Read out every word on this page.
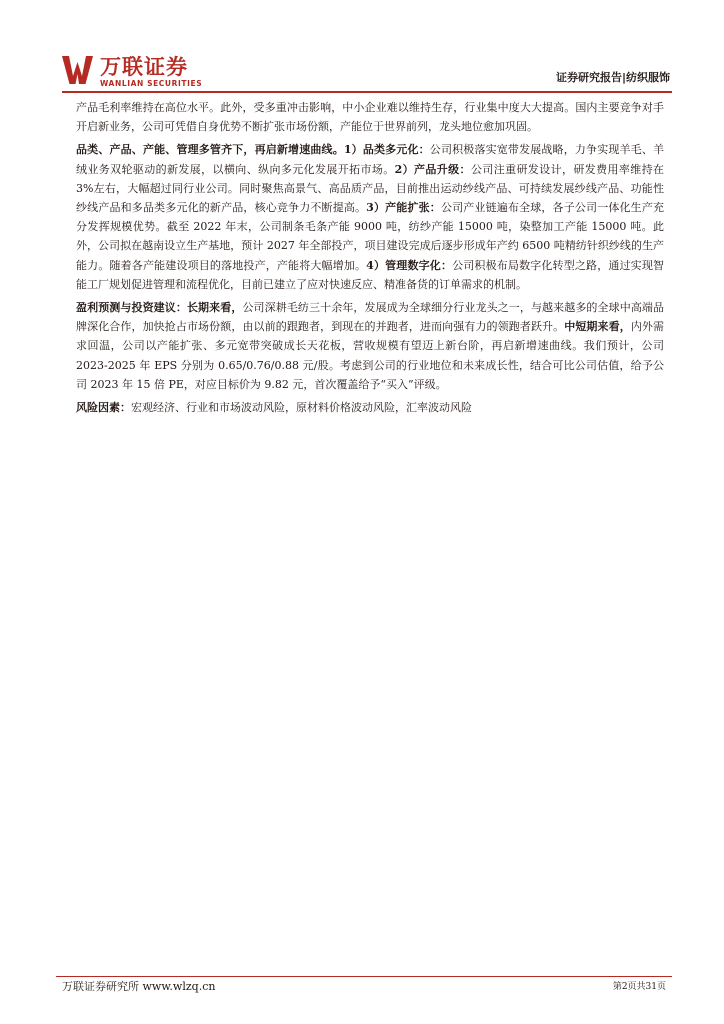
万联证券
WANLIAN SECURITIES	证券研究报告|纺织服饰

产品毛利率维持在高位水平。此外，受多重冲击影响，中小企业难以维持生存，行业集中度大大提高。国内主要竞争对手开启新业务，公司可凭借自身优势不断扩张市场份额，产能位于世界前列，龙头地位愈加巩固。

品类、产品、产能、管理多管齐下，再启新增速曲线。1）品类多元化：公司积极落实宽带发展战略，力争实现羊毛、羊绒业务双轮驱动的新发展，以横向、纵向多元化发展开拓市场。2）产品升级：公司注重研发设计，研发费用率维持在 3%左右，大幅超过同行业公司。同时聚焦高景气、高品质产品，目前推出运动纱线产品、可持续发展纱线产品、功能性纱线产品和多品类多元化的新产品，核心竞争力不断提高。3）产能扩张：公司产业链遍布全球，各子公司一体化生产充分发挥规模优势。截至 2022 年末，公司制条毛条产能 9000 吨，纺纱产能 15000 吨，染整加工产能 15000 吨。此外，公司拟在越南设立生产基地，预计 2027 年全部投产，项目建设完成后逐步形成年产约 6500 吨精纺针织纱线的生产能力。随着各产能建设项目的落地投产，产能将大幅增加。4）管理数字化：公司积极布局数字化转型之路，通过实现智能工厂规划促进管理和流程优化，目前已建立了应对快速反应、精准备货的订单需求的机制。

盈利预测与投资建议：长期来看，公司深耕毛纺三十余年，发展成为全球细分行业龙头之一，与越来越多的全球中高端品牌深化合作，加快抢占市场份额，由以前的跟跑者，到现在的并跑者，进而向强有力的领跑者跃升。中短期来看，内外需求回温，公司以产能扩张、多元宽带突破成长天花板，营收规模有望迈上新台阶，再启新增速曲线。我们预计，公司 2023-2025 年 EPS 分别为 0.65/0.76/0.88 元/股。考虑到公司的行业地位和未来成长性，结合可比公司估值，给予公司 2023 年 15 倍 PE，对应目标价为 9.82 元，首次覆盖给予“买入”评级。

风险因素：宏观经济、行业和市场波动风险，原材料价格波动风险，汇率波动风险

万联证券研究所 www.wlzq.cn	第2页共31页
